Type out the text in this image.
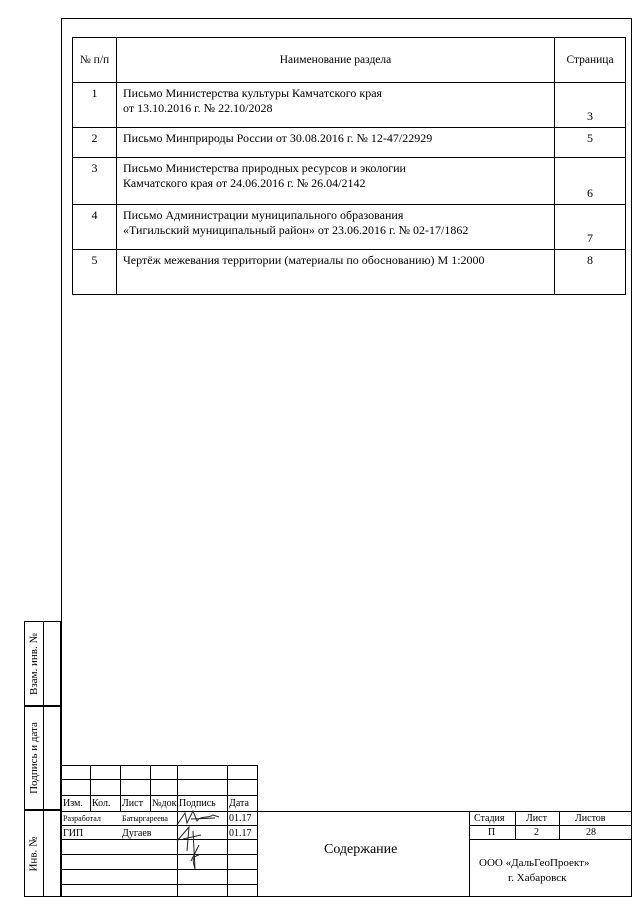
№ п/п	Наименование раздела	Страница
1	Письмо Министерства культуры Камчатского края
от 13.10.2016 г. № 22.10/2028	3
2	Письмо Минприроды России от 30.08.2016 г. № 12-47/22929	5
3	Письмо Министерства природных ресурсов и экологии
Камчатского края от 24.06.2016 г. № 26.04/2142	6
4	Письмо Администрации муниципального образования
«Тигильский муниципальный район» от 23.06.2016 г. № 02-17/1862	7
5	Чертёж межевания территории (материалы по обоснованию) М 1:2000	8
Взам. инв. №
Подпись и дата
Инв. №
Изм. Кол. Лист №док Подпись Дата
Разработал	Батыргареева	01.17
ГИП	Дугаев	01.17
Содержание
Стадия Лист	Листов
П	2	28
ООО «ДальГеоПроект»
г. Хабаровск
